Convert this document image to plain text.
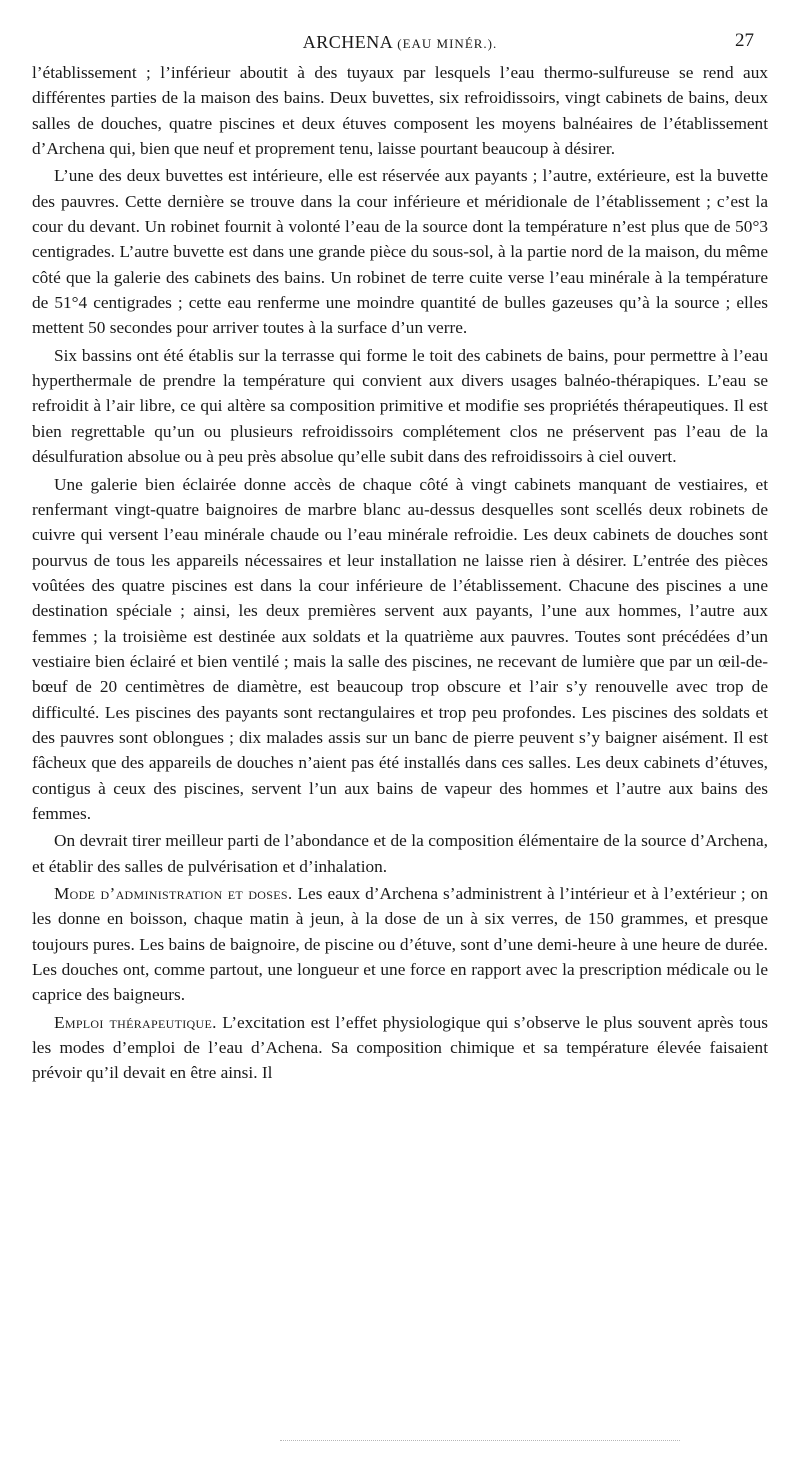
ARCHENA (EAU MINÉR.).	27

l’établissement ; l’inférieur aboutit à des tuyaux par lesquels l’eau thermo-sulfureuse se rend aux différentes parties de la maison des bains. Deux buvettes, six refroidissoirs, vingt cabinets de bains, deux salles de douches, quatre piscines et deux étuves composent les moyens balnéaires de l’établissement d’Archena qui, bien que neuf et proprement tenu, laisse pourtant beaucoup à désirer.

L’une des deux buvettes est intérieure, elle est réservée aux payants ; l’autre, extérieure, est la buvette des pauvres. Cette dernière se trouve dans la cour inférieure et méridionale de l’établissement ; c’est la cour du devant. Un robinet fournit à volonté l’eau de la source dont la température n’est plus que de 50°3 centigrades. L’autre buvette est dans une grande pièce du sous-sol, à la partie nord de la maison, du même côté que la galerie des cabinets des bains. Un robinet de terre cuite verse l’eau minérale à la température de 51°4 centigrades ; cette eau renferme une moindre quantité de bulles gazeuses qu’à la source ; elles mettent 50 secondes pour arriver toutes à la surface d’un verre.

Six bassins ont été établis sur la terrasse qui forme le toit des cabinets de bains, pour permettre à l’eau hyperthermale de prendre la température qui convient aux divers usages balnéo-thérapiques. L’eau se refroidit à l’air libre, ce qui altère sa composition primitive et modifie ses propriétés thérapeutiques. Il est bien regrettable qu’un ou plusieurs refroidissoirs complétement clos ne préservent pas l’eau de la désulfuration absolue ou à peu près absolue qu’elle subit dans des refroidissoirs à ciel ouvert.

Une galerie bien éclairée donne accès de chaque côté à vingt cabinets manquant de vestiaires, et renfermant vingt-quatre baignoires de marbre blanc au-dessus desquelles sont scellés deux robinets de cuivre qui versent l’eau minérale chaude ou l’eau minérale refroidie. Les deux cabinets de douches sont pourvus de tous les appareils nécessaires et leur installation ne laisse rien à désirer. L’entrée des pièces voûtées des quatre piscines est dans la cour inférieure de l’établissement. Chacune des piscines a une destination spéciale ; ainsi, les deux premières servent aux payants, l’une aux hommes, l’autre aux femmes ; la troisième est destinée aux soldats et la quatrième aux pauvres. Toutes sont précédées d’un vestiaire bien éclairé et bien ventilé ; mais la salle des piscines, ne recevant de lumière que par un œil-de-bœuf de 20 centimètres de diamètre, est beaucoup trop obscure et l’air s’y renouvelle avec trop de difficulté. Les piscines des payants sont rectangulaires et trop peu profondes. Les piscines des soldats et des pauvres sont oblongues ; dix malades assis sur un banc de pierre peuvent s’y baigner aisément. Il est fâcheux que des appareils de douches n’aient pas été installés dans ces salles. Les deux cabinets d’étuves, contigus à ceux des piscines, servent l’un aux bains de vapeur des hommes et l’autre aux bains des femmes.

On devrait tirer meilleur parti de l’abondance et de la composition élémentaire de la source d’Archena, et établir des salles de pulvérisation et d’inhalation.

Mode d’administration et doses. Les eaux d’Archena s’administrent à l’intérieur et à l’extérieur ; on les donne en boisson, chaque matin à jeun, à la dose de un à six verres, de 150 grammes, et presque toujours pures. Les bains de baignoire, de piscine ou d’étuve, sont d’une demi-heure à une heure de durée. Les douches ont, comme partout, une longueur et une force en rapport avec la prescription médicale ou le caprice des baigneurs.

Emploi thérapeutique. L’excitation est l’effet physiologique qui s’observe le plus souvent après tous les modes d’emploi de l’eau d’Achena. Sa composition chimique et sa température élevée faisaient prévoir qu’il devait en être ainsi. Il
